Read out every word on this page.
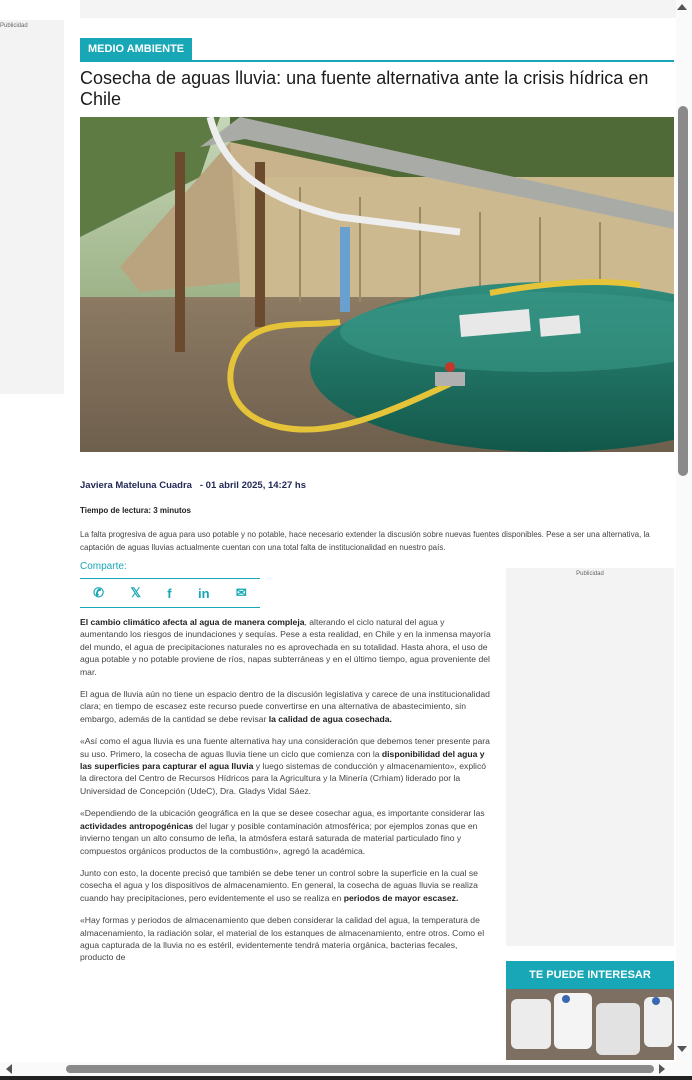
Publicidad
MEDIO AMBIENTE
Cosecha de aguas lluvia: una fuente alternativa ante la crisis hídrica en Chile
Javiera Mateluna Cuadra   - 01 abril 2025, 14:27 hs
Tiempo de lectura: 3 minutos

La falta progresiva de agua para uso potable y no potable, hace necesario extender la discusión sobre nuevas fuentes disponibles. Pese a ser una alternativa, la captación de aguas lluvias actualmente cuentan con una total falta de institucionalidad en nuestro país.

Comparte:
✆ 𝕏 f in ✉

El cambio climático afecta al agua de manera compleja, alterando el ciclo natural del agua y aumentando los riesgos de inundaciones y sequías. Pese a esta realidad, en Chile y en la inmensa mayoría del mundo, el agua de precipitaciones naturales no es aprovechada en su totalidad. Hasta ahora, el uso de agua potable y no potable proviene de ríos, napas subterráneas y en el último tiempo, agua proveniente del mar.

El agua de lluvia aún no tiene un espacio dentro de la discusión legislativa y carece de una institucionalidad clara; en tiempo de escasez este recurso puede convertirse en una alternativa de abastecimiento, sin embargo, además de la cantidad se debe revisar la calidad de agua cosechada.

«Así como el agua lluvia es una fuente alternativa hay una consideración que debemos tener presente para su uso. Primero, la cosecha de aguas lluvia tiene un ciclo que comienza con la disponibilidad del agua y las superficies para capturar el agua lluvia y luego sistemas de conducción y almacenamiento», explicó la directora del Centro de Recursos Hídricos para la Agricultura y la Minería (Crhiam) liderado por la Universidad de Concepción (UdeC), Dra. Gladys Vidal Sáez.

«Dependiendo de la ubicación geográfica en la que se desee cosechar agua, es importante considerar las actividades antropogénicas del lugar y posible contaminación atmosférica; por ejemplos zonas que en invierno tengan un alto consumo de leña, la atmósfera estará saturada de material particulado fino y compuestos orgánicos productos de la combustión», agregó la académica.

Junto con esto, la docente precisó que también se debe tener un control sobre la superficie en la cual se cosecha el agua y los dispositivos de almacenamiento. En general, la cosecha de aguas lluvia se realiza cuando hay precipitaciones, pero evidentemente el uso se realiza en periodos de mayor escasez.

«Hay formas y periodos de almacenamiento que deben considerar la calidad del agua, la temperatura de almacenamiento, la radiación solar, el material de los estanques de almacenamiento, entre otros. Como el agua capturada de la lluvia no es estéril, evidentemente tendrá materia orgánica, bacterias fecales, producto de

Publicidad
TE PUEDE INTERESAR
